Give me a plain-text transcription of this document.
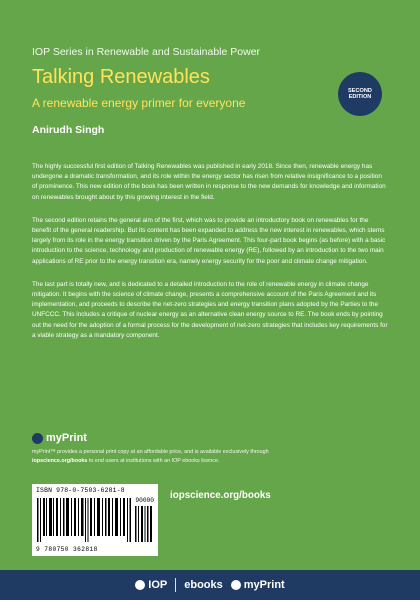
IOP Series in Renewable and Sustainable Power
Talking Renewables
A renewable energy primer for everyone
SECOND
EDITION
Anirudh Singh

The highly successful first edition of Talking Renewables was published in early 2018. Since then, renewable energy has undergone a dramatic transformation, and its role within the energy sector has risen from relative insignificance to a position of prominence. This new edition of the book has been written in response to the new demands for knowledge and information on renewables brought about by this growing interest in the field.

The second edition retains the general aim of the first, which was to provide an introductory book on renewables for the benefit of the general readership. But its content has been expanded to address the new interest in renewables, which stems largely from its role in the energy transition driven by the Paris Agreement. This four-part book begins (as before) with a basic introduction to the science, technology and production of renewable energy (RE), followed by an introduction to the two main applications of RE prior to the energy transition era, namely energy security for the poor and climate change mitigation.

The last part is totally new, and is dedicated to a detailed introduction to the role of renewable energy in climate change mitigation. It begins with the science of climate change, presents a comprehensive account of the Paris Agreement and its implementation, and proceeds to describe the net-zero strategies and energy transition plans adopted by the Parties to the UNFCCC. This includes a critique of nuclear energy as an alternative clean energy source to RE. The book ends by pointing out the need for the adoption of a formal process for the development of net-zero strategies that includes key requirements for a viable strategy as a mandatory component.

myPrint
myPrint™ provides a personal print copy at an affordable price, and is available exclusively through
iopscience.org/books to end users at institutions with an IOP ebooks licence.
ISBN 978-0-7503-6281-8
90000
9 780750 362818
iopscience.org/books
IOP ebooks myPrint
